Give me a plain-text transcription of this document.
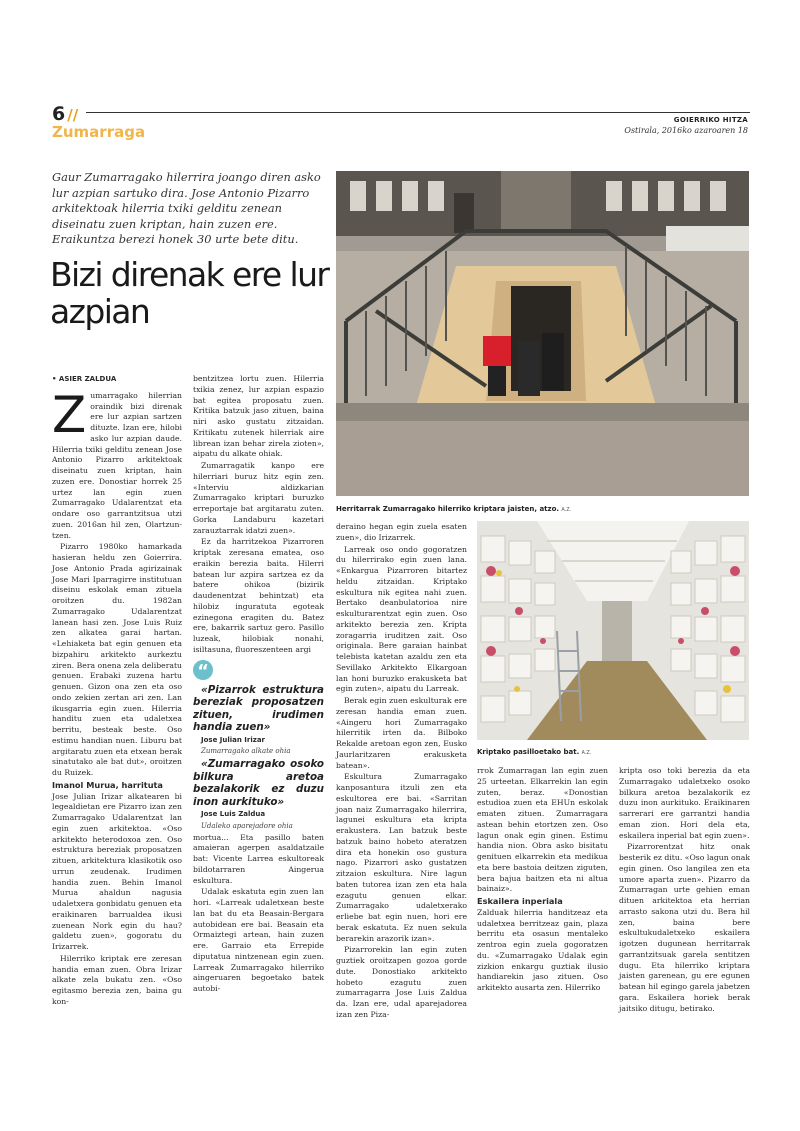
6 //
Zumarraga
GOIERRIKO HITZA
Ostirala, 2016ko azaroaren 18
Gaur Zumarragako hilerrira joango diren asko lur azpian sartuko dira. Jose Antonio Pizarro arkitektoak hilerria txiki gelditu zenean diseinatu zuen kriptan, hain zuzen ere. Eraikuntza berezi honek 30 urte bete ditu.
Bizi direnak ere lur azpian
Herritarrak Zumarragako hilerriko kriptara jaisten, atzo. A.Z.
Kriptako pasilloetako bat. A.Z.
• ASIER ZALDUA
Z umarragako hilerrian oraindik bizi direnak ere lur azpian sartzen dituzte. Izan ere, hilobi asko lur azpian daude. Hilerria txiki gelditu zenean Jose Antonio Pizarro arkitektoak diseinatu zuen kriptan, hain zuzen ere. Donostiar horrek 25 urtez lan egin zuen Zumarragako Udalarentzat eta ondare oso garrantzitsua utzi zuen. 2016an hil zen, Olartzun-tzen.

Pizarro 1980ko hamarkada hasieran heldu zen Goierrira. Jose Antonio Prada agirizainak Jose Mari Iparragirre institutuan diseinu eskolak eman zituela oroitzen du. 1982an Zumarragako Udalarentzat lanean hasi zen. Jose Luis Ruiz zen alkatea garai hartan. «Lehiaketa bat egin genuen eta bizpahiru arkitekto aurkeztu ziren. Bera onena zela deliberatu genuen. Erabaki zuzena hartu genuen. Gizon ona zen eta oso ondo zekien zertan ari zen. Lan ikusgarria egin zuen. Hilerria handitu zuen eta udaletxea berritu, besteak beste. Oso estimu handian nuen. Liburu bat argitaratu zuen eta etxean berak sinatutako ale bat dut», oroitzen du Ruizek.

Imanol Murua, harrituta

Jose Julian Irizar alkatearen bi legealdietan ere Pizarro izan zen Zumarragako Udalarentzat lan egin zuen arkitektoa. «Oso arkitekto heterodoxoa zen. Oso estruktura bereziak proposatzen zituen, arkitektura klasikotik oso urrun zeudenak. Irudimen handia zuen. Behin Imanol Murua ahaldun nagusia udaletxera gonbidatu genuen eta eraikinaren barrualdea ikusi zuenean Nork egin du hau? galdetu zuen», gogoratu du Irizarrek.

Hilerriko kriptak ere zeresan handia eman zuen. Obra Irizar alkate zela bukatu zen. «Oso egitasmo berezia zen, baina gu kon-

bentzitzea lortu zuen. Hilerria txikia zenez, lur azpian espazio bat egitea proposatu zuen. Kritika batzuk jaso zituen, baina niri asko gustatu zitzaidan. Kritikatu zutenek hilerriak aire librean izan behar zirela zioten», aipatu du alkate ohiak.

Zumarragatik kanpo ere hilerriari buruz hitz egin zen. «Interviu aldizkarian Zumarragako kriptari buruzko erreportaje bat argitaratu zuten. Gorka Landaburu kazetari zarauztarrak idatzi zuen».

Ez da harritzekoa Pizarroren kriptak zeresana ematea, oso eraikin berezia baita. Hilerri batean lur azpira sartzea ez da batere ohikoa (bizirik daudenentzat behintzat) eta hilobiz inguratuta egoteak ezinegona eragiten du. Batez ere, bakarrik sartuz gero. Pasillo luzeak, hilobiak nonahi, isiltasuna, fluoreszenteen argi

“

«Pizarrok estruktura bereziak proposatzen zituen, irudimen handia zuen»

Jose Julian Irizar

Zumarragako alkate ohia

«Zumarragako osoko bilkura aretoa bezalakorik ez duzu inon aurkituko»

Jose Luis Zaldua

Udaleko aparejadore ohia

mortua... Eta pasillo baten amaieran agerpen asaldatzaile bat: Vicente Larrea eskultoreak bildotarraren Aingerua eskultura.

Udalak eskatuta egin zuen lan hori. «Larreak udaletxean beste lan bat du eta Beasain-Bergara autobidean ere bai. Beasain eta Ormaiztegi artean, hain zuzen ere. Garraio eta Errepide diputatua nintzenean egin zuen. Larreak Zumarragako hilerriko aingeruaren begoetako batek autobi-

deraino hegan egin zuela esaten zuen», dio Irizarrek.

Larreak oso ondo gogoratzen du hilerrirako egin zuen lana. «Enkargua Pizarroren bitartez heldu zitzaidan. Kriptako eskultura nik egitea nahi zuen. Bertako deanbulatorioa nire eskulturarentzat egin zuen. Oso arkitekto berezia zen. Kripta zoragarria iruditzen zait. Oso originala. Bere garaian hainbat telebista katetan azaldu zen eta Sevillako Arkitekto Elkargoan lan honi buruzko erakusketa bat egin zuten», aipatu du Larreak.

Berak egin zuen eskulturak ere zeresan handia eman zuen. «Aingeru hori Zumarragako hilerritik irten da. Bilboko Rekalde aretoan egon zen, Eusko Jaurlaritzaren erakusketa batean».

Eskultura Zumarragako kanposantura itzuli zen eta eskultorea ere bai. «Sarritan joan naiz Zumarragako hilerrira, lagunei eskultura eta kripta erakustera. Lan batzuk beste batzuk baino hobeto ateratzen dira eta honekin oso gustura nago. Pizarrori asko gustatzen zitzaion eskultura. Nire lagun baten tutorea izan zen eta hala ezagutu genuen elkar. Zumarragako udaletxerako erliebe bat egin nuen, hori ere berak eskatuta. Ez nuen sekula berarekin arazorik izan».

Pizarrorekin lan egin zuten guztiek oroitzapen gozoa gorde dute. Donostiako arkitekto hobeto ezagutu zuen zumarragarra Jose Luis Zaldua da. Izan ere, udal aparejadorea izan zen Piza-

rrok Zumarragan lan egin zuen 25 urteetan. Elkarrekin lan egin zuten, beraz. «Donostian estudioa zuen eta EHUn eskolak ematen zituen. Zumarragara astean behin etortzen zen. Oso lagun onak egin ginen. Estimu handia nion. Obra asko bisitatu genituen elkarrekin eta medikua eta bere bastoia deitzen ziguten, bera bajua baitzen eta ni altua bainaiz».

Eskailera inperiala

Zalduak hilerria handitzeaz eta udaletxea berritzeaz gain, plaza berritu eta osasun mentaleko zentroa egin zuela gogoratzen du. «Zumarragako Udalak egin zizkion enkargu guztiak ilusio handiarekin jaso zituen. Oso arkitekto ausarta zen. Hilerriko

kripta oso toki berezia da eta Zumarragako udaletxeko osoko bilkura aretoa bezalakorik ez duzu inon aurkituko. Eraikinaren sarrerari ere garrantzi handia eman zion. Hori dela eta, eskailera inperial bat egin zuen».

Pizarrorentzat hitz onak besterik ez ditu. «Oso lagun onak egin ginen. Oso langilea zen eta umore aparta zuen». Pizarro da Zumarragan urte gehien eman dituen arkitektoa eta herrian arrasto sakona utzi du. Bera hil zen, baina bere eskultukudaletxeko eskailera igotzen dugunean herritarrak garrantzitsuak garela sentitzen dugu. Eta hilerriko kriptara jaisten garenean, gu ere egunen batean hil egingo garela jabetzen gara. Eskailera horiek berak jaitsiko ditugu, betirako.
